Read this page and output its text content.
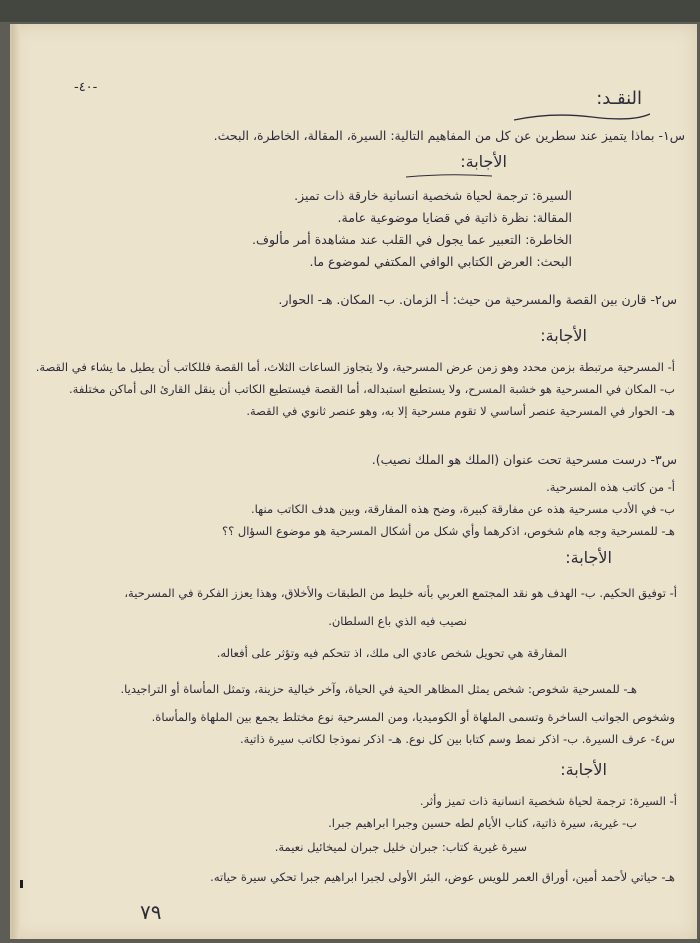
-٤٠-
النقـد:
س١- بماذا يتميز عند سطرين عن كل من المفاهيم التالية: السيرة، المقالة، الخاطرة، البحث.
الأجابة:
السيرة: ترجمة لحياة شخصية انسانية خارقة ذات تميز.
المقالة: نظرة ذاتية في قضايا موضوعية عامة.
الخاطرة: التعبير عما يجول في القلب عند مشاهدة أمر مألوف.
البحث: العرض الكتابي الوافي المكتفي لموضوع ما.
س٢- قارن بين القصة والمسرحية من حيث: أ- الزمان. ب- المكان. هـ- الحوار.
الأجابة:
أ- المسرحية مرتبطة بزمن محدد وهو زمن عرض المسرحية، ولا يتجاوز الساعات الثلاث، أما القصة فللكاتب أن يطيل ما يشاء في القصة.
ب- المكان في المسرحية هو خشبة المسرح، ولا يستطيع استبداله، أما القصة فيستطيع الكاتب أن ينقل القارئ الى أماكن مختلفة.
هـ- الحوار في المسرحية عنصر أساسي لا تقوم مسرحية إلا به، وهو عنصر ثانوي في القصة.
س٣- درست مسرحية تحت عنوان (الملك هو الملك نصيب).
أ- من كاتب هذه المسرحية.
ب- في الأدب مسرحية هذه عن مفارقة كبيرة، وضح هذه المفارقة، وبين هدف الكاتب منها.
هـ- للمسرحية وجه هام شخوص، اذكرهما وأي شكل من أشكال المسرحية هو موضوع السؤال ؟؟
الأجابة:
أ- توفيق الحكيم. ب- الهدف هو نقد المجتمع العربي بأنه خليط من الطبقات والأخلاق، وهذا يعزز الفكرة في المسرحية،
نصيب فيه الذي باع السلطان.
المفارقة هي تحويل شخص عادي الى ملك، اذ تتحكم فيه وتؤثر على أفعاله.
هـ- للمسرحية شخوص: شخص يمثل المظاهر الحية في الحياة، وآخر خيالية حزينة، وتمثل المأساة أو التراجيديا.
وشخوص الجوانب الساخرة وتسمى الملهاة أو الكوميديا، ومن المسرحية نوع مختلط يجمع بين الملهاة والمأساة.
س٤- عرف السيرة. ب- اذكر نمط وسم كتابا بين كل نوع. هـ- اذكر نموذجا لكاتب سيرة ذاتية.
الأجابة:
أ- السيرة: ترجمة لحياة شخصية انسانية ذات تميز وأثر.
ب- غيرية، سيرة ذاتية، كتاب الأيام لطه حسين وجبرا ابراهيم جبرا.
سيرة غيرية كتاب: جبران خليل جبران لميخائيل نعيمة.
هـ- حياتي لأحمد أمين، أوراق العمر للويس عوض، البئر الأولى لجبرا ابراهيم جبرا تحكي سيرة حياته.
٧٩
